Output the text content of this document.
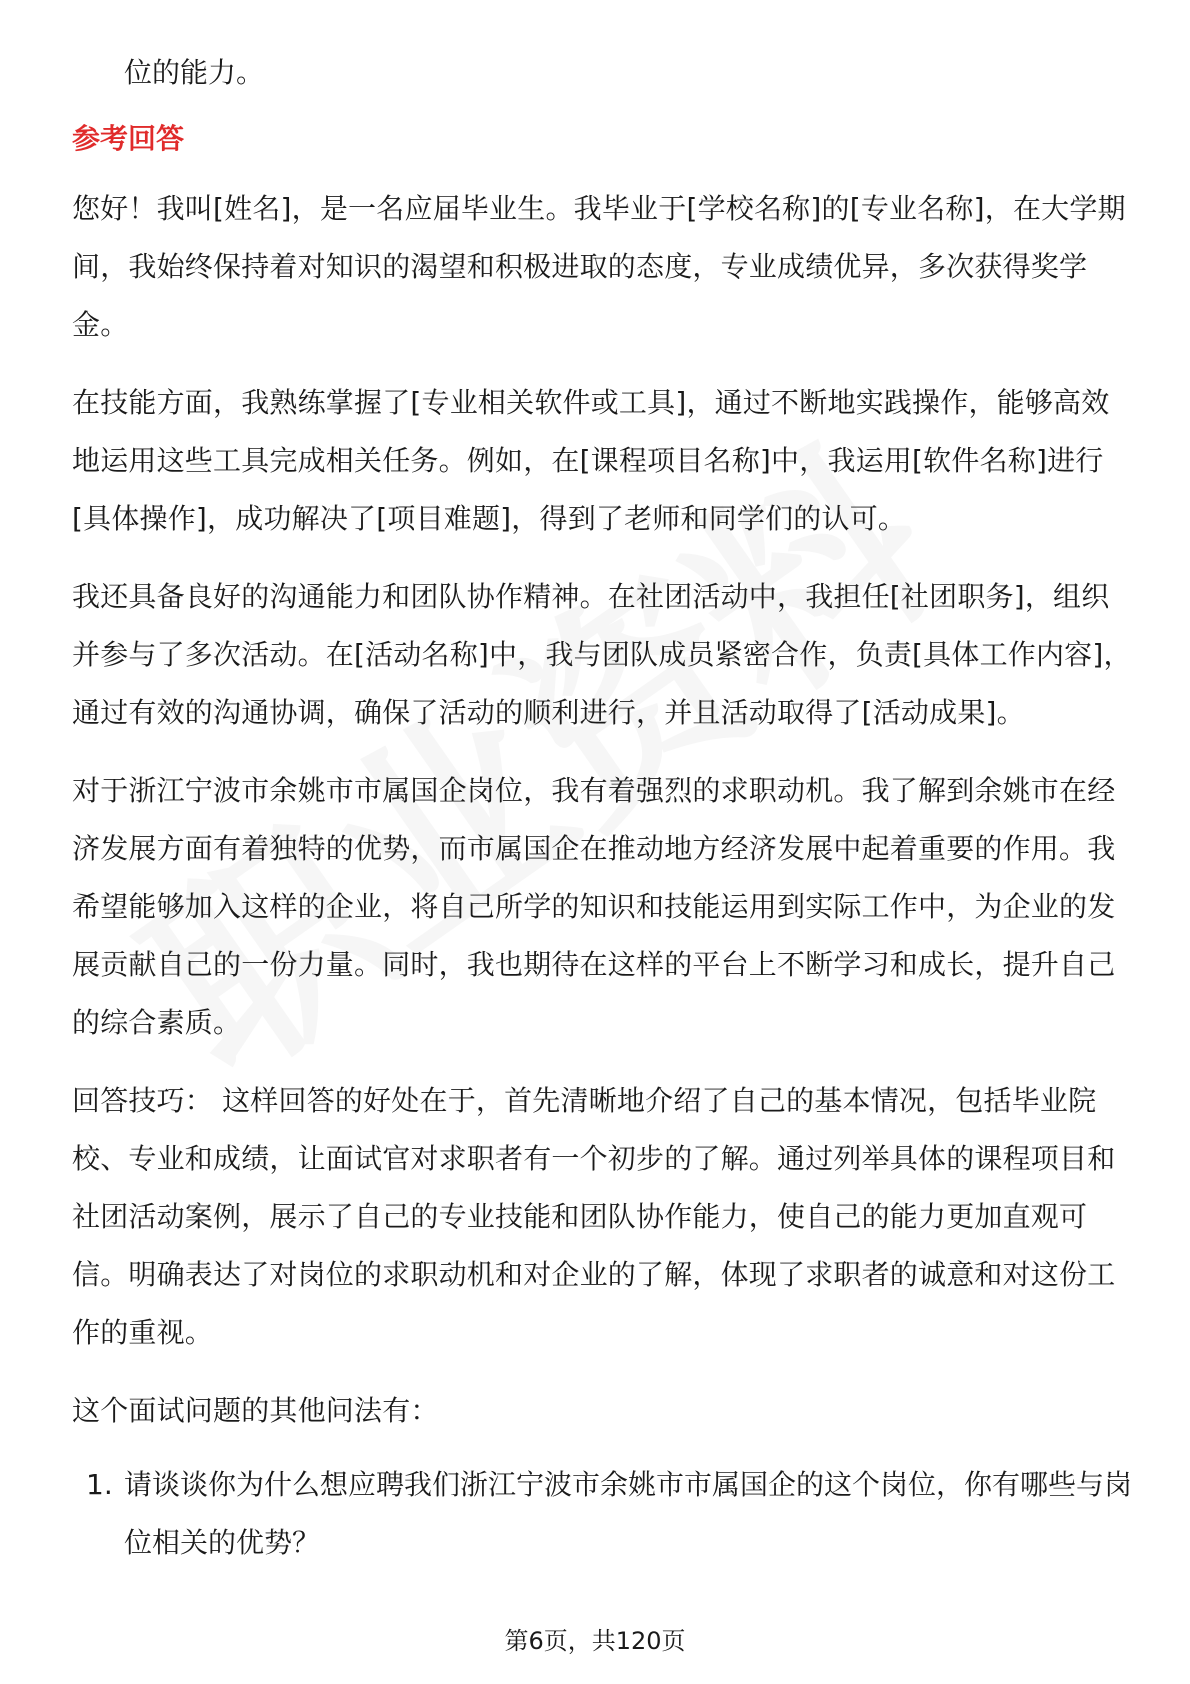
位的能力。

参考回答

您好！我叫[姓名]，是一名应届毕业生。我毕业于[学校名称]的[专业名称]，在大学期间，我始终保持着对知识的渴望和积极进取的态度，专业成绩优异，多次获得奖学金。

在技能方面，我熟练掌握了[专业相关软件或工具]，通过不断地实践操作，能够高效地运用这些工具完成相关任务。例如，在[课程项目名称]中，我运用[软件名称]进行[具体操作]，成功解决了[项目难题]，得到了老师和同学们的认可。

我还具备良好的沟通能力和团队协作精神。在社团活动中，我担任[社团职务]，组织并参与了多次活动。在[活动名称]中，我与团队成员紧密合作，负责[具体工作内容]，通过有效的沟通协调，确保了活动的顺利进行，并且活动取得了[活动成果]。

对于浙江宁波市余姚市市属国企岗位，我有着强烈的求职动机。我了解到余姚市在经济发展方面有着独特的优势，而市属国企在推动地方经济发展中起着重要的作用。我希望能够加入这样的企业，将自己所学的知识和技能运用到实际工作中，为企业的发展贡献自己的一份力量。同时，我也期待在这样的平台上不断学习和成长，提升自己的综合素质。

回答技巧： 这样回答的好处在于，首先清晰地介绍了自己的基本情况，包括毕业院校、专业和成绩，让面试官对求职者有一个初步的了解。通过列举具体的课程项目和社团活动案例，展示了自己的专业技能和团队协作能力，使自己的能力更加直观可信。明确表达了对岗位的求职动机和对企业的了解，体现了求职者的诚意和对这份工作的重视。

这个面试问题的其他问法有：

1. 请谈谈你为什么想应聘我们浙江宁波市余姚市市属国企的这个岗位，你有哪些与岗位相关的优势？
第6页，共120页
